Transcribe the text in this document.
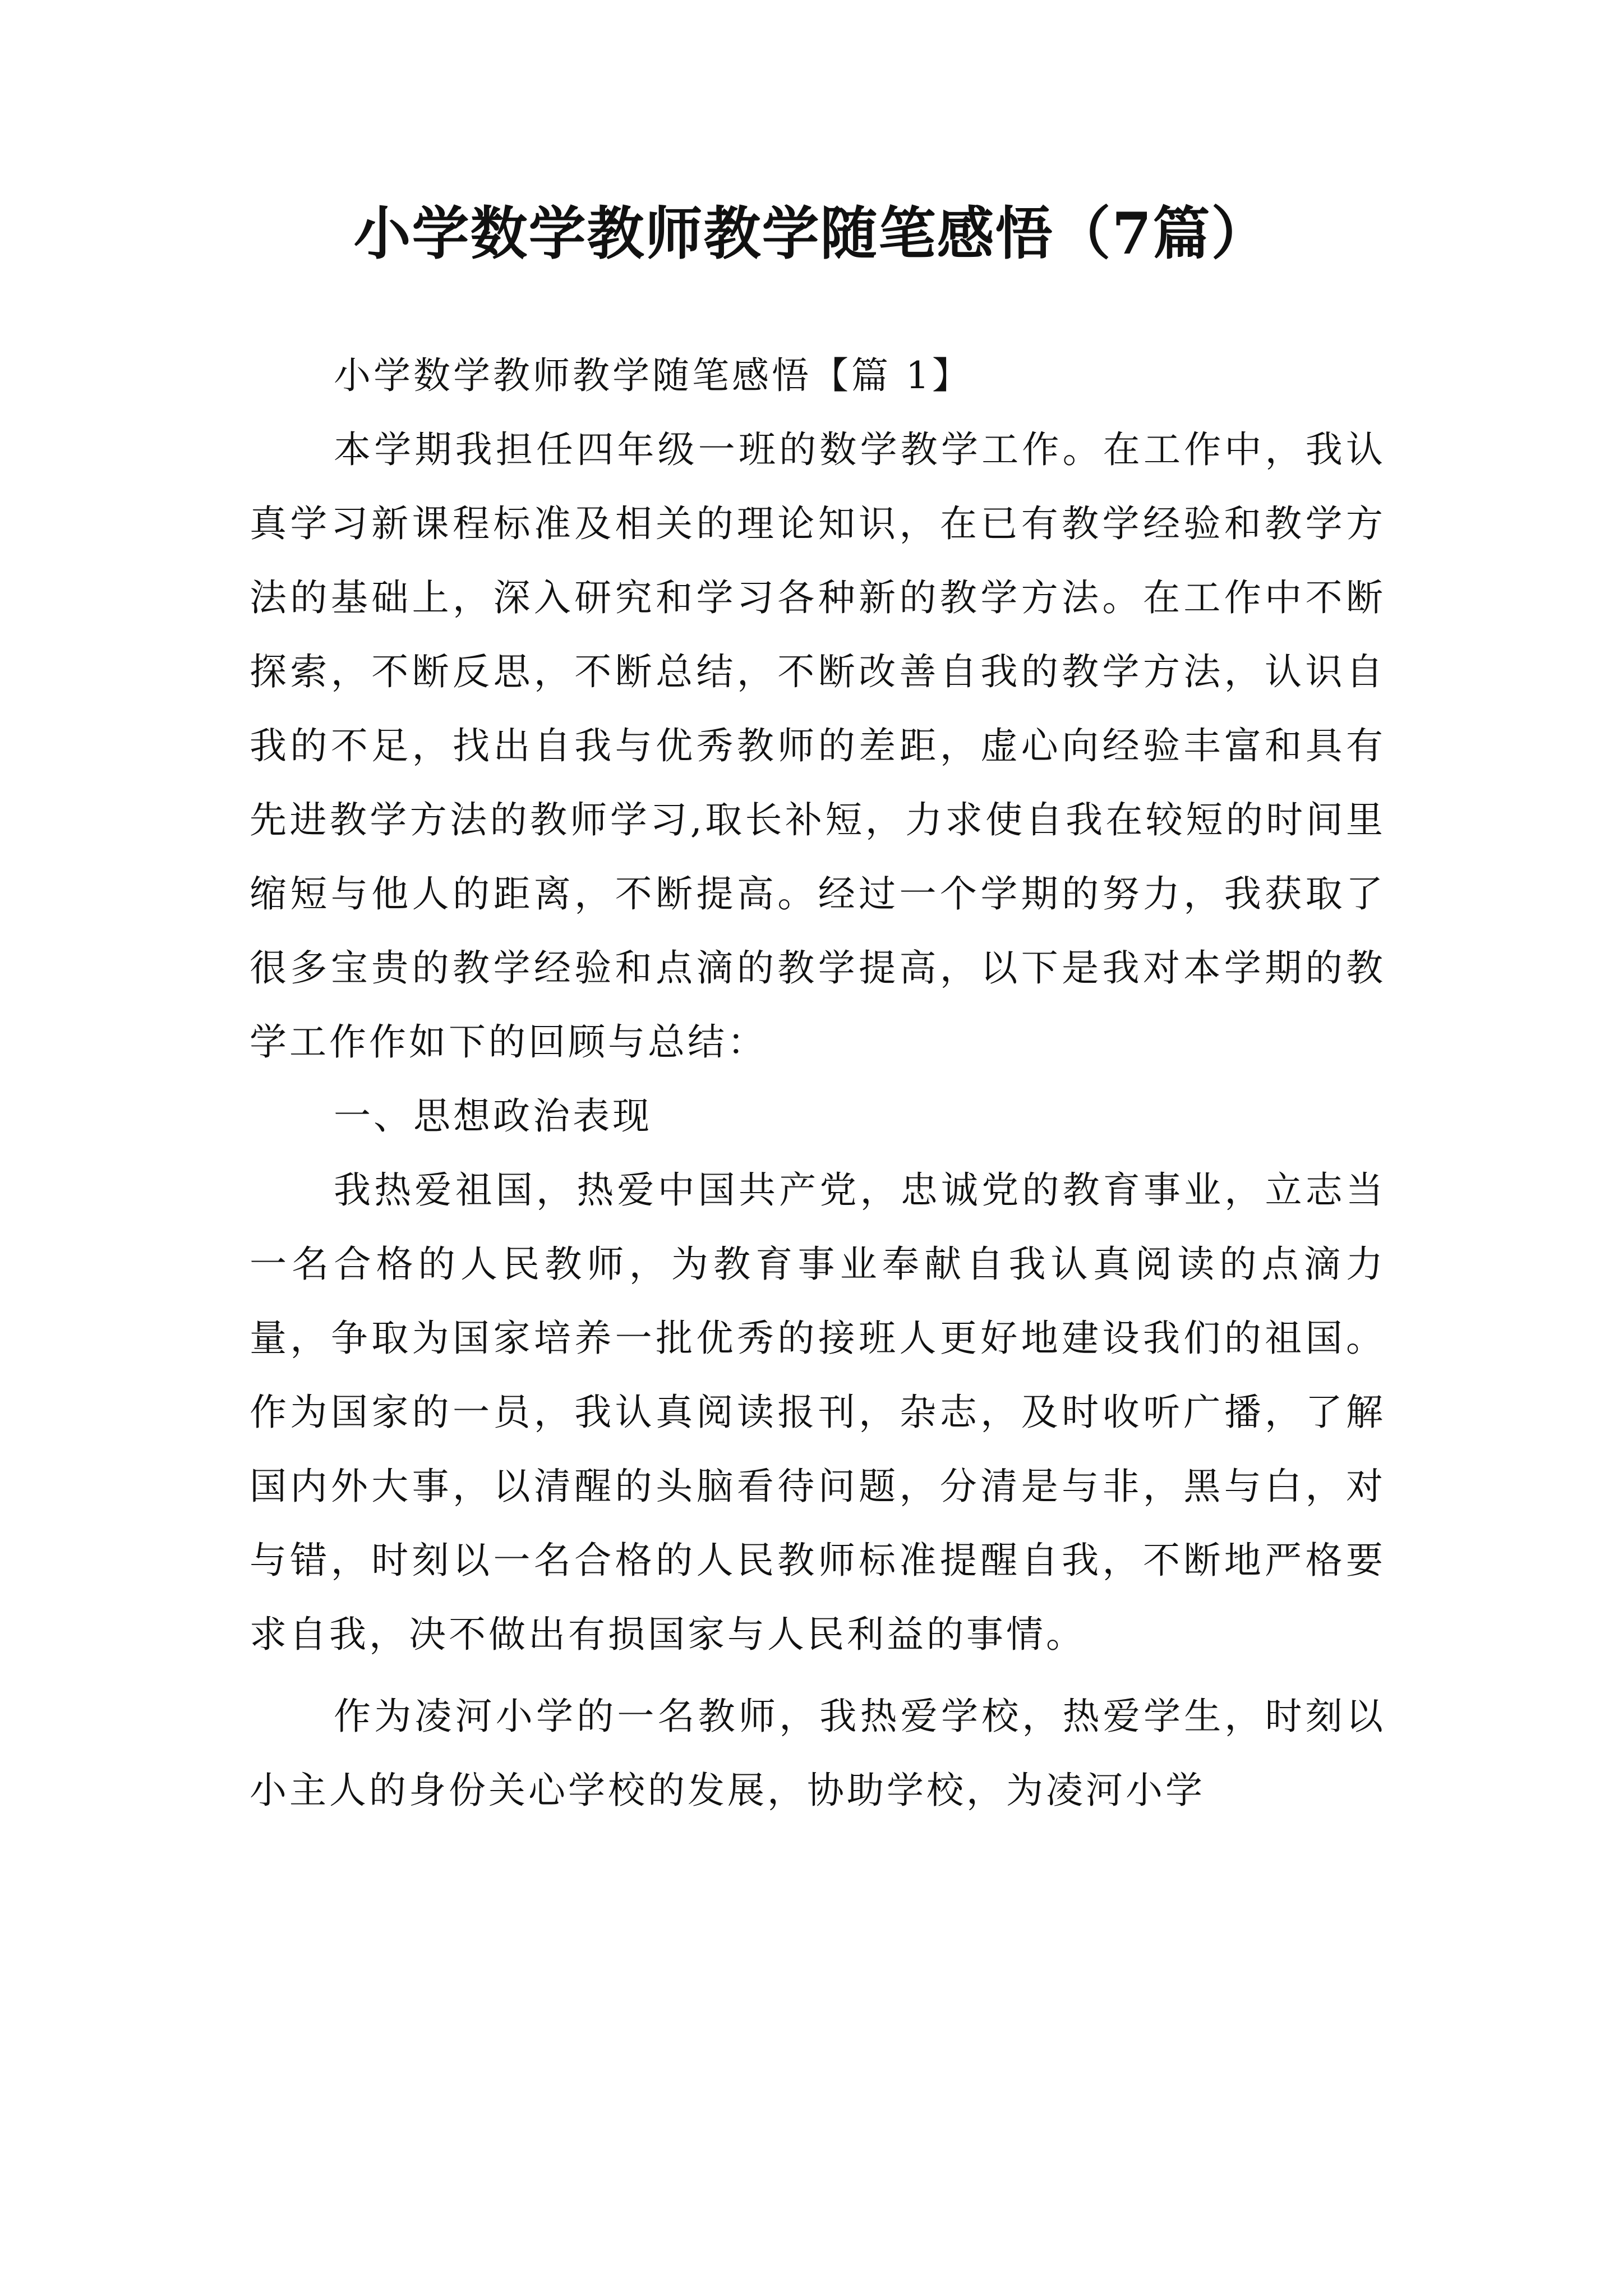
小学数学教师教学随笔感悟（7篇）

小学数学教师教学随笔感悟【篇 1】

本学期我担任四年级一班的数学教学工作。在工作中，我认真学习新课程标准及相关的理论知识，在已有教学经验和教学方法的基础上，深入研究和学习各种新的教学方法。在工作中不断探索，不断反思，不断总结，不断改善自我的教学方法，认识自我的不足，找出自我与优秀教师的差距，虚心向经验丰富和具有先进教学方法的教师学习,取长补短，力求使自我在较短的时间里缩短与他人的距离，不断提高。经过一个学期的努力，我获取了很多宝贵的教学经验和点滴的教学提高，以下是我对本学期的教学工作作如下的回顾与总结：

一、思想政治表现

我热爱祖国，热爱中国共产党，忠诚党的教育事业，立志当一名合格的人民教师，为教育事业奉献自我认真阅读的点滴力量，争取为国家培养一批优秀的接班人更好地建设我们的祖国。作为国家的一员，我认真阅读报刊，杂志，及时收听广播，了解国内外大事，以清醒的头脑看待问题，分清是与非，黑与白，对与错，时刻以一名合格的人民教师标准提醒自我，不断地严格要求自我，决不做出有损国家与人民利益的事情。

作为凌河小学的一名教师，我热爱学校，热爱学生，时刻以小主人的身份关心学校的发展，协助学校，为凌河小学
